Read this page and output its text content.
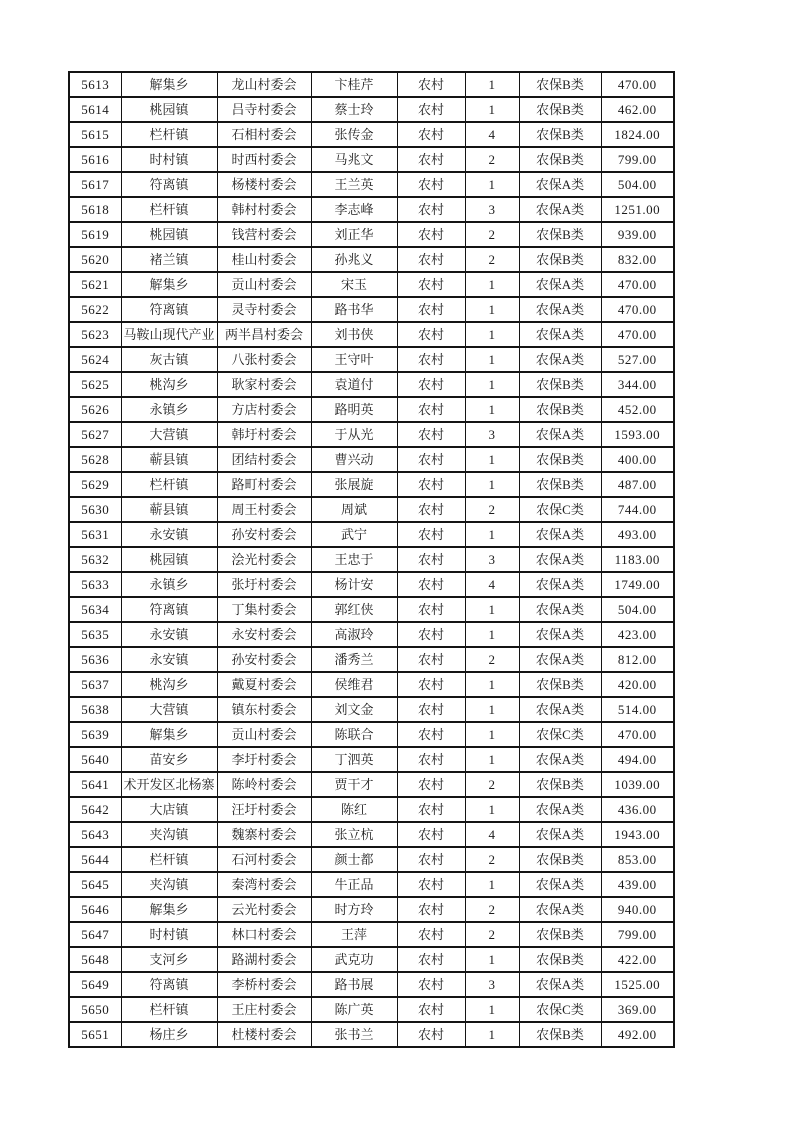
5613	解集乡	龙山村委会	卞桂芹	农村	1	农保B类	470.00
5614	桃园镇	吕寺村委会	蔡士玲	农村	1	农保B类	462.00
5615	栏杆镇	石相村委会	张传金	农村	4	农保B类	1824.00
5616	时村镇	时西村委会	马兆文	农村	2	农保B类	799.00
5617	符离镇	杨楼村委会	王兰英	农村	1	农保A类	504.00
5618	栏杆镇	韩村村委会	李志峰	农村	3	农保A类	1251.00
5619	桃园镇	钱营村委会	刘正华	农村	2	农保B类	939.00
5620	褚兰镇	桂山村委会	孙兆义	农村	2	农保B类	832.00
5621	解集乡	贡山村委会	宋玉	农村	1	农保A类	470.00
5622	符离镇	灵寺村委会	路书华	农村	1	农保A类	470.00
5623	马鞍山现代产业	两半昌村委会	刘书侠	农村	1	农保A类	470.00
5624	灰古镇	八张村委会	王守叶	农村	1	农保A类	527.00
5625	桃沟乡	耿家村委会	袁道付	农村	1	农保B类	344.00
5626	永镇乡	方店村委会	路明英	农村	1	农保B类	452.00
5627	大营镇	韩圩村委会	于从光	农村	3	农保A类	1593.00
5628	蕲县镇	团结村委会	曹兴动	农村	1	农保B类	400.00
5629	栏杆镇	路町村委会	张展旋	农村	1	农保B类	487.00
5630	蕲县镇	周王村委会	周斌	农村	2	农保C类	744.00
5631	永安镇	孙安村委会	武宁	农村	1	农保A类	493.00
5632	桃园镇	浍光村委会	王忠于	农村	3	农保A类	1183.00
5633	永镇乡	张圩村委会	杨计安	农村	4	农保A类	1749.00
5634	符离镇	丁集村委会	郭红侠	农村	1	农保A类	504.00
5635	永安镇	永安村委会	高淑玲	农村	1	农保A类	423.00
5636	永安镇	孙安村委会	潘秀兰	农村	2	农保A类	812.00
5637	桃沟乡	戴夏村委会	侯维君	农村	1	农保B类	420.00
5638	大营镇	镇东村委会	刘文金	农村	1	农保A类	514.00
5639	解集乡	贡山村委会	陈联合	农村	1	农保C类	470.00
5640	苗安乡	李圩村委会	丁泗英	农村	1	农保A类	494.00
5641	术开发区北杨寨	陈岭村委会	贾干才	农村	2	农保B类	1039.00
5642	大店镇	汪圩村委会	陈红	农村	1	农保A类	436.00
5643	夹沟镇	魏寨村委会	张立杭	农村	4	农保A类	1943.00
5644	栏杆镇	石河村委会	颜士都	农村	2	农保B类	853.00
5645	夹沟镇	秦湾村委会	牛正品	农村	1	农保A类	439.00
5646	解集乡	云光村委会	时方玲	农村	2	农保A类	940.00
5647	时村镇	林口村委会	王萍	农村	2	农保B类	799.00
5648	支河乡	路湖村委会	武克功	农村	1	农保B类	422.00
5649	符离镇	李桥村委会	路书展	农村	3	农保A类	1525.00
5650	栏杆镇	王庄村委会	陈广英	农村	1	农保C类	369.00
5651	杨庄乡	杜楼村委会	张书兰	农村	1	农保B类	492.00
